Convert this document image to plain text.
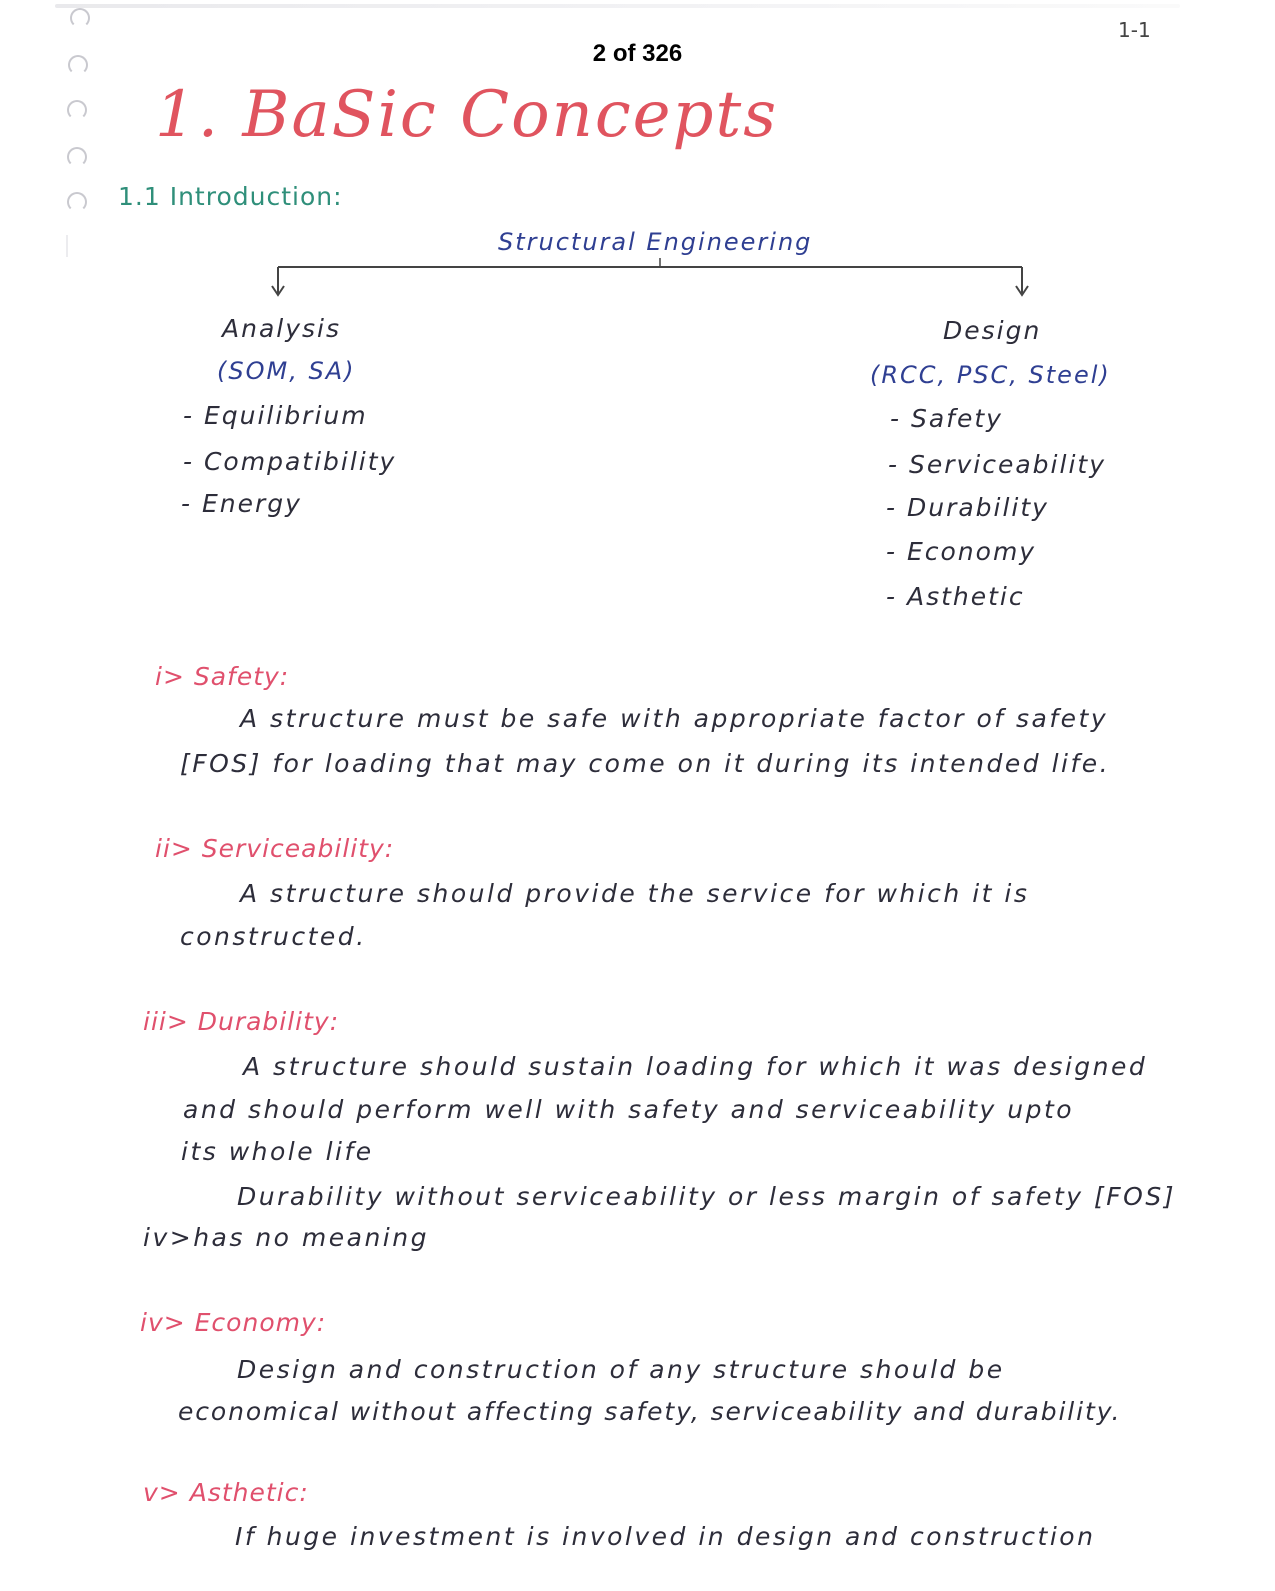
2 of 326
1-1
1. BaSic Concepts
1.1 Introduction:
Structural Engineering
Analysis
(SOM, SA)
- Equilibrium
- Compatibility
- Energy
Design
(RCC, PSC, Steel)
- Safety
- Serviceability
- Durability
- Economy
- Asthetic
i> Safety:
A structure must be safe with appropriate factor of safety
[FOS] for loading that may come on it during its intended life.
ii> Serviceability:
A structure should provide the service for which it is
constructed.
iii> Durability:
A structure should sustain loading for which it was designed
and should perform well with safety and serviceability upto
its whole life
Durability without serviceability or less margin of safety [FOS]
iv>has no meaning
iv> Economy:
Design and construction of any structure should be
economical without affecting safety, serviceability and durability.
v> Asthetic:
If huge investment is involved in design and construction
